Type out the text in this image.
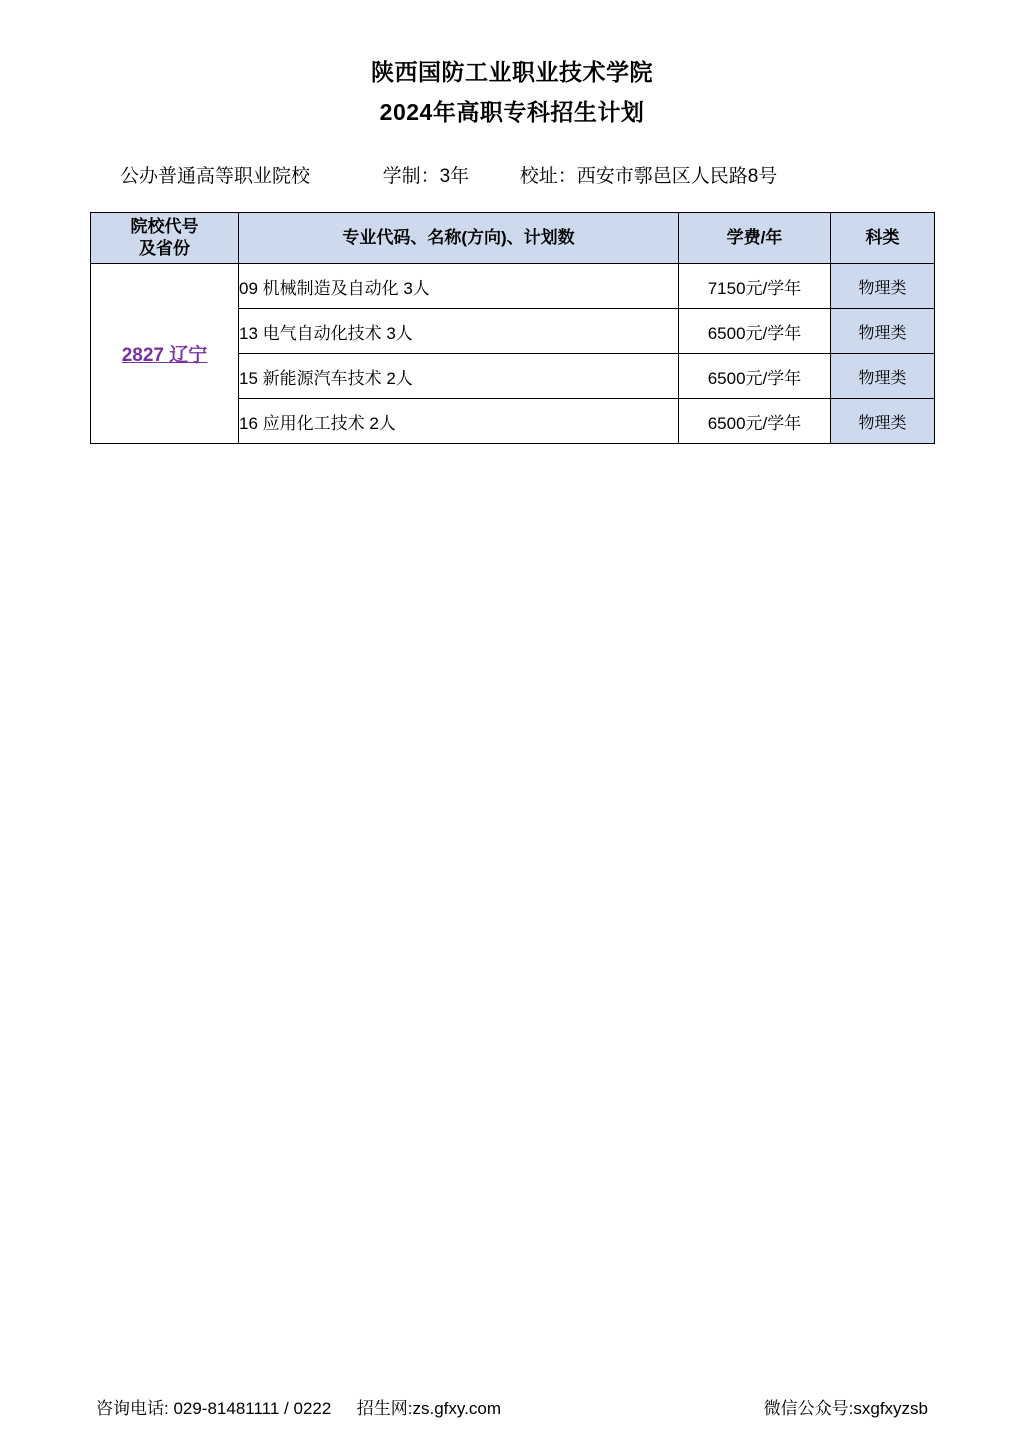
陕西国防工业职业技术学院
2024年高职专科招生计划
公办普通高等职业院校	学制：3年	校址：西安市鄠邑区人民路8号
院校代号
及省份	专业代码、名称(方向)、计划数	学费/年	科类
2827 辽宁	09 机械制造及自动化 3人	7150元/学年	物理类
	13 电气自动化技术 3人	6500元/学年	物理类
	15 新能源汽车技术 2人	6500元/学年	物理类
	16 应用化工技术 2人	6500元/学年	物理类
咨询电话: 029-81481111 / 0222 招生网:zs.gfxy.com	微信公众号:sxgfxyzsb
